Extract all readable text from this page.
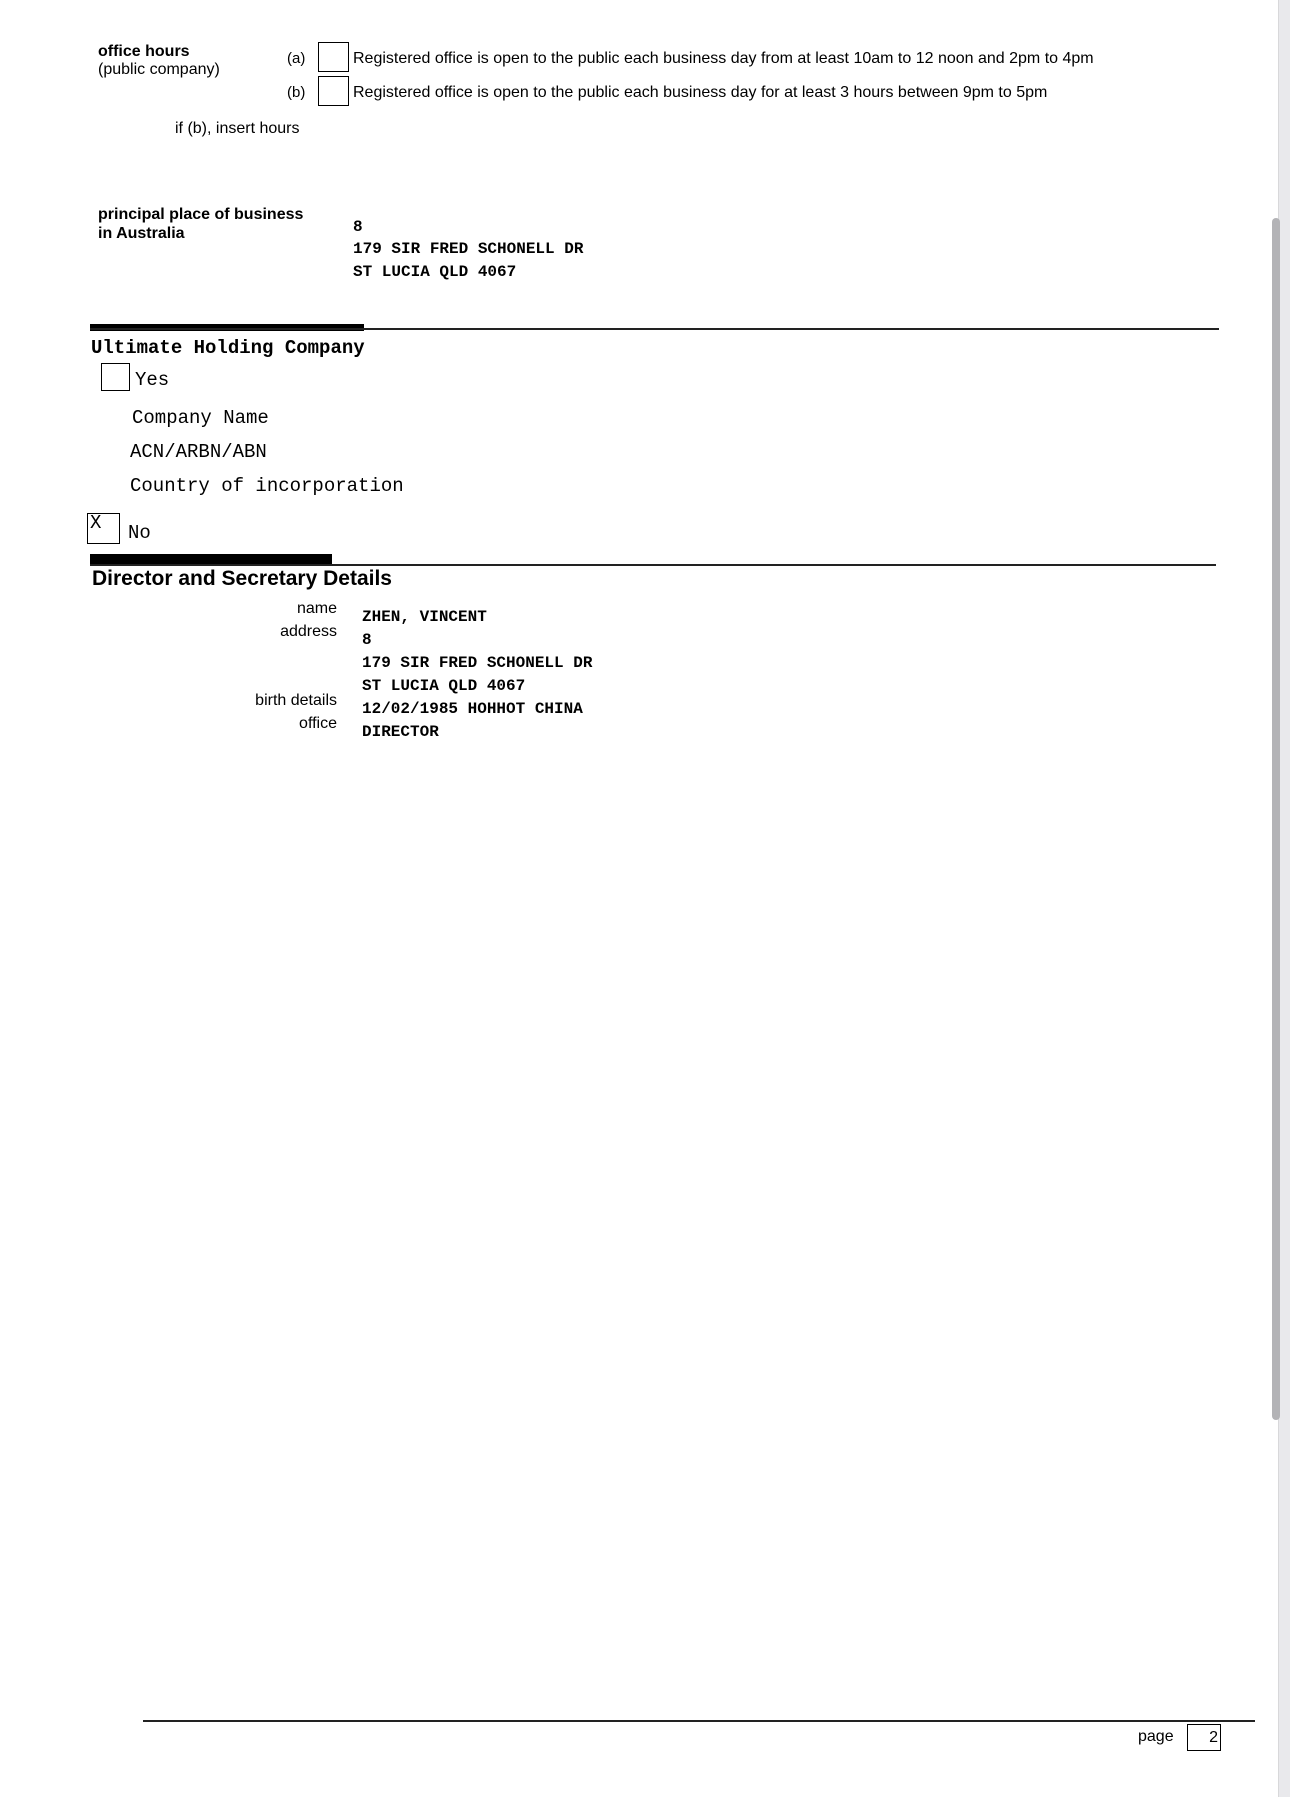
office hours
(public company)
(a)	Registered office is open to the public each business day from at least 10am to 12 noon and 2pm to 4pm
(b)	Registered office is open to the public each business day for at least 3 hours between 9pm to 5pm
if (b), insert hours
principal place of business
in Australia	8
179 SIR FRED SCHONELL DR
ST LUCIA QLD 4067
Ultimate Holding Company
Yes
Company Name
ACN/ARBN/ABN
Country of incorporation
X No
Director and Secretary Details
name ZHEN, VINCENT
address 8
179 SIR FRED SCHONELL DR
ST LUCIA QLD 4067
birth details 12/02/1985 HOHHOT CHINA
office DIRECTOR
page	2
